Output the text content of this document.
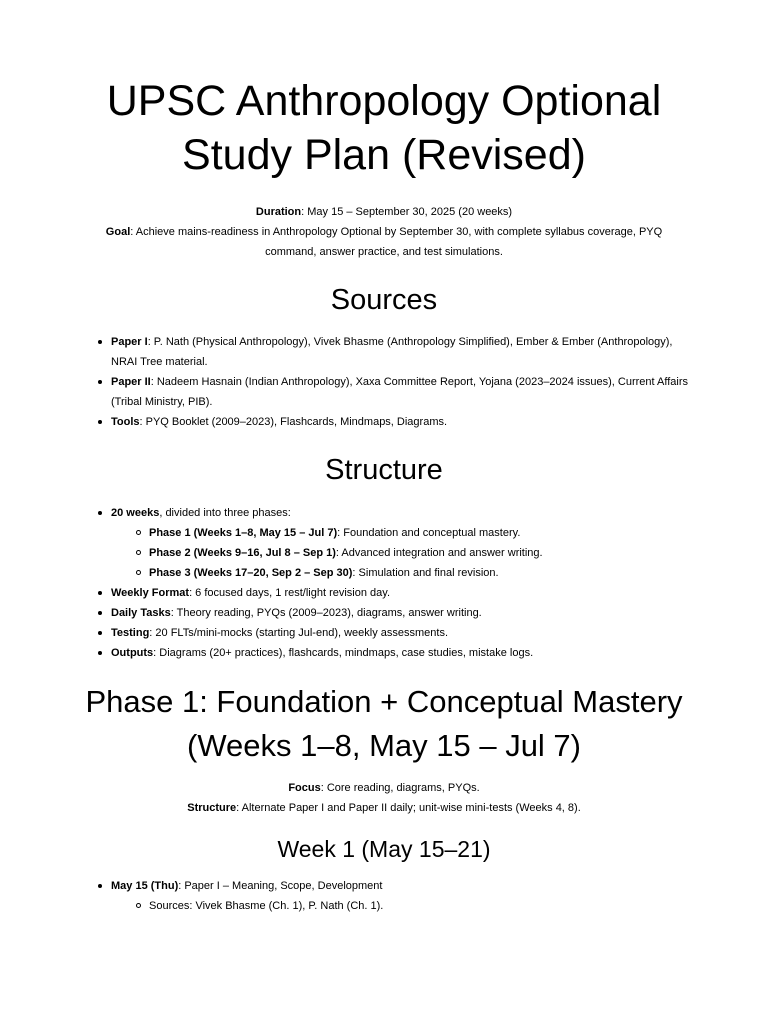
UPSC Anthropology Optional Study Plan (Revised)

Duration: May 15 – September 30, 2025 (20 weeks)

Goal: Achieve mains-readiness in Anthropology Optional by September 30, with complete syllabus coverage, PYQ command, answer practice, and test simulations.

Sources
Paper I: P. Nath (Physical Anthropology), Vivek Bhasme (Anthropology Simplified), Ember & Ember (Anthropology), NRAI Tree material.
Paper II: Nadeem Hasnain (Indian Anthropology), Xaxa Committee Report, Yojana (2023–2024 issues), Current Affairs (Tribal Ministry, PIB).
Tools: PYQ Booklet (2009–2023), Flashcards, Mindmaps, Diagrams.
Structure
20 weeks, divided into three phases:
Phase 1 (Weeks 1–8, May 15 – Jul 7): Foundation and conceptual mastery.
Phase 2 (Weeks 9–16, Jul 8 – Sep 1): Advanced integration and answer writing.
Phase 3 (Weeks 17–20, Sep 2 – Sep 30): Simulation and final revision.
Weekly Format: 6 focused days, 1 rest/light revision day.
Daily Tasks: Theory reading, PYQs (2009–2023), diagrams, answer writing.
Testing: 20 FLTs/mini-mocks (starting Jul-end), weekly assessments.
Outputs: Diagrams (20+ practices), flashcards, mindmaps, case studies, mistake logs.
Phase 1: Foundation + Conceptual Mastery (Weeks 1–8, May 15 – Jul 7)

Focus: Core reading, diagrams, PYQs.

Structure: Alternate Paper I and Paper II daily; unit-wise mini-tests (Weeks 4, 8).

Week 1 (May 15–21)
May 15 (Thu): Paper I – Meaning, Scope, Development
Sources: Vivek Bhasme (Ch. 1), P. Nath (Ch. 1).
